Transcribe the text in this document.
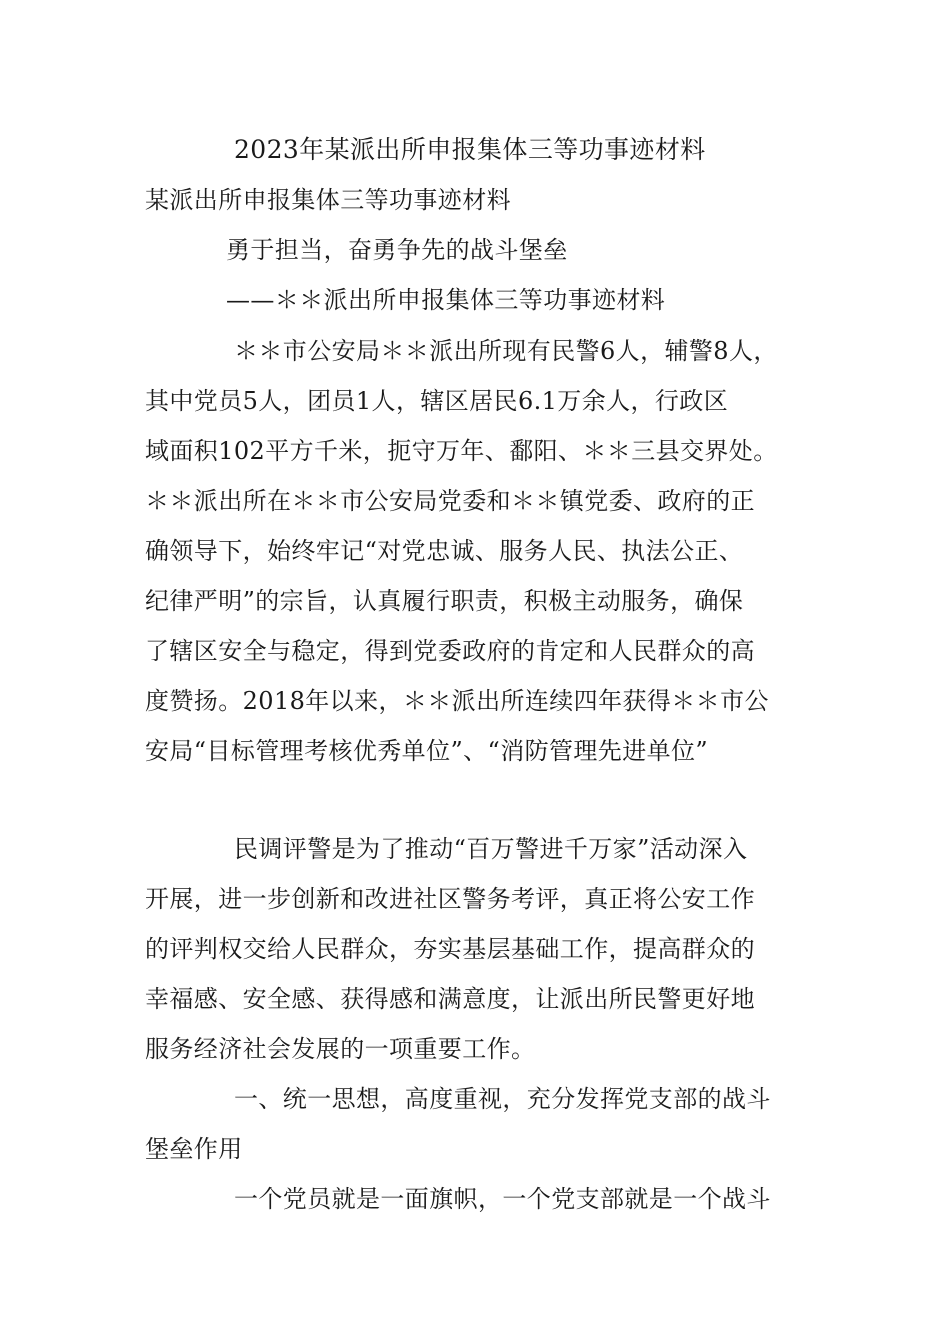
2023年某派出所申报集体三等功事迹材料
某派出所申报集体三等功事迹材料
勇于担当，奋勇争先的战斗堡垒
——＊＊派出所申报集体三等功事迹材料
＊＊市公安局＊＊派出所现有民警6人，辅警8人，
其中党员5人，团员1人，辖区居民6.1万余人，行政区
域面积102平方千米，扼守万年、鄱阳、＊＊三县交界处。
＊＊派出所在＊＊市公安局党委和＊＊镇党委、政府的正
确领导下，始终牢记“对党忠诚、服务人民、执法公正、
纪律严明”的宗旨，认真履行职责，积极主动服务，确保
了辖区安全与稳定，得到党委政府的肯定和人民群众的高
度赞扬。2018年以来，＊＊派出所连续四年获得＊＊市公
安局“目标管理考核优秀单位”、“消防管理先进单位”
民调评警是为了推动“百万警进千万家”活动深入
开展，进一步创新和改进社区警务考评，真正将公安工作
的评判权交给人民群众，夯实基层基础工作，提高群众的
幸福感、安全感、获得感和满意度，让派出所民警更好地
服务经济社会发展的一项重要工作。
一、统一思想，高度重视，充分发挥党支部的战斗
堡垒作用
一个党员就是一面旗帜，一个党支部就是一个战斗
